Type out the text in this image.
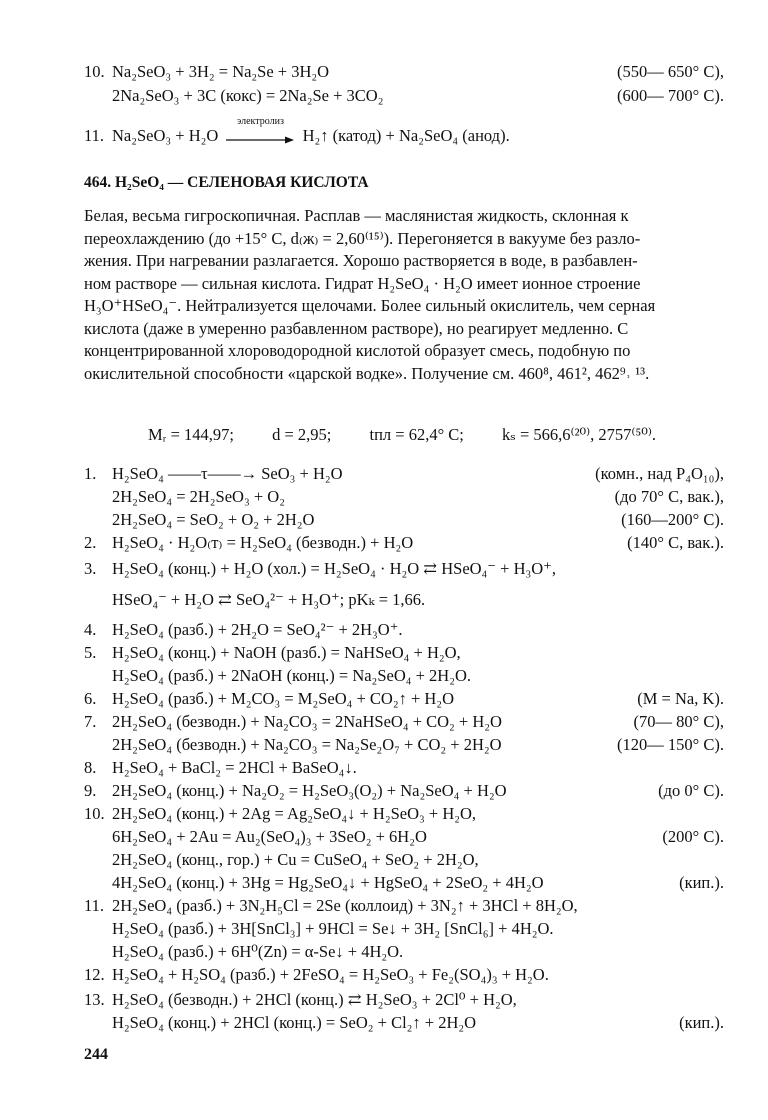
10. Na₂SeO₃ + 3H₂ = Na₂Se + 3H₂O	(550— 650° C),
2Na₂SeO₃ + 3C (кокс) = 2Na₂Se + 3CO₂	(600— 700° C).
11. Na₂SeO₃ + H₂O
электролиз
H₂↑ (катод) + Na₂SeO₄ (анод).
464. H₂SeO₄ — СЕЛЕНОВАЯ КИСЛОТА
Белая, весьма гигроскопичная. Расплав — маслянистая жидкость, склонная к
переохлаждению (до +15° С, d₍ж₎ = 2,60⁽¹⁵⁾). Перегоняется в вакууме без разло-
жения. При нагревании разлагается. Хорошо растворяется в воде, в разбавлен-
ном растворе — сильная кислота. Гидрат H₂SeO₄ · H₂O имеет ионное строение
H₃O⁺HSeO₄⁻. Нейтрализуется щелочами. Более сильный окислитель, чем серная
кислота (даже в умеренно разбавленном растворе), но реагирует медленно. С
концентрированной хлороводородной кислотой образует смесь, подобную по
окислительной способности «царской водке». Получение см. 460⁸, 461², 462⁹˒ ¹³.
Mᵣ = 144,97; d = 2,95; tпл = 62,4° С; kₛ = 566,6⁽²⁰⁾, 2757⁽⁵⁰⁾.
1. H₂SeO₄ ——τ——→ SeO₃ + H₂O	(комн., над P₄O₁₀),
2H₂SeO₄ = 2H₂SeO₃ + O₂	(до 70° С, вак.),
2H₂SeO₄ = SeO₂ + O₂ + 2H₂O	(160—200° С).
2. H₂SeO₄ · H₂O₍т₎ = H₂SeO₄ (безводн.) + H₂O	(140° С, вак.).
3. H₂SeO₄ (конц.) + H₂O (хол.) = H₂SeO₄ · H₂O ⇄ HSeO₄⁻ + H₃O⁺,
HSeO₄⁻ + H₂O ⇄ SeO₄²⁻ + H₃O⁺; pKₖ = 1,66.
4. H₂SeO₄ (разб.) + 2H₂O = SeO₄²⁻ + 2H₃O⁺.
5. H₂SeO₄ (конц.) + NaOH (разб.) = NaHSeO₄ + H₂O,
H₂SeO₄ (разб.) + 2NaOH (конц.) = Na₂SeO₄ + 2H₂O.
6. H₂SeO₄ (разб.) + M₂CO₃ = M₂SeO₄ + CO₂↑ + H₂O	(M = Na, K).
7. 2H₂SeO₄ (безводн.) + Na₂CO₃ = 2NaHSeO₄ + CO₂ + H₂O	(70— 80° С),
2H₂SeO₄ (безводн.) + Na₂CO₃ = Na₂Se₂O₇ + CO₂ + 2H₂O	(120— 150° С).
8. H₂SeO₄ + BaCl₂ = 2HCl + BaSeO₄↓.
9. 2H₂SeO₄ (конц.) + Na₂O₂ = H₂SeO₃(O₂) + Na₂SeO₄ + H₂O	(до 0° С).
10. 2H₂SeO₄ (конц.) + 2Ag = Ag₂SeO₄↓ + H₂SeO₃ + H₂O,
6H₂SeO₄ + 2Au = Au₂(SeO₄)₃ + 3SeO₂ + 6H₂O	(200° С).
2H₂SeO₄ (конц., гор.) + Cu = CuSeO₄ + SeO₂ + 2H₂O,
4H₂SeO₄ (конц.) + 3Hg = Hg₂SeO₄↓ + HgSeO₄ + 2SeO₂ + 4H₂O	(кип.).
11. 2H₂SeO₄ (разб.) + 3N₂H₅Cl = 2Se (коллоид) + 3N₂↑ + 3HCl + 8H₂O,
H₂SeO₄ (разб.) + 3H[SnCl₃] + 9HCl = Se↓ + 3H₂ [SnCl₆] + 4H₂O.
H₂SeO₄ (разб.) + 6H⁰(Zn) = α-Se↓ + 4H₂O.
12. H₂SeO₄ + H₂SO₄ (разб.) + 2FeSO₄ = H₂SeO₃ + Fe₂(SO₄)₃ + H₂O.
13. H₂SeO₄ (безводн.) + 2HCl (конц.) ⇄ H₂SeO₃ + 2Cl⁰ + H₂O,
H₂SeO₄ (конц.) + 2HCl (конц.) = SeO₂ + Cl₂↑ + 2H₂O	(кип.).
244
